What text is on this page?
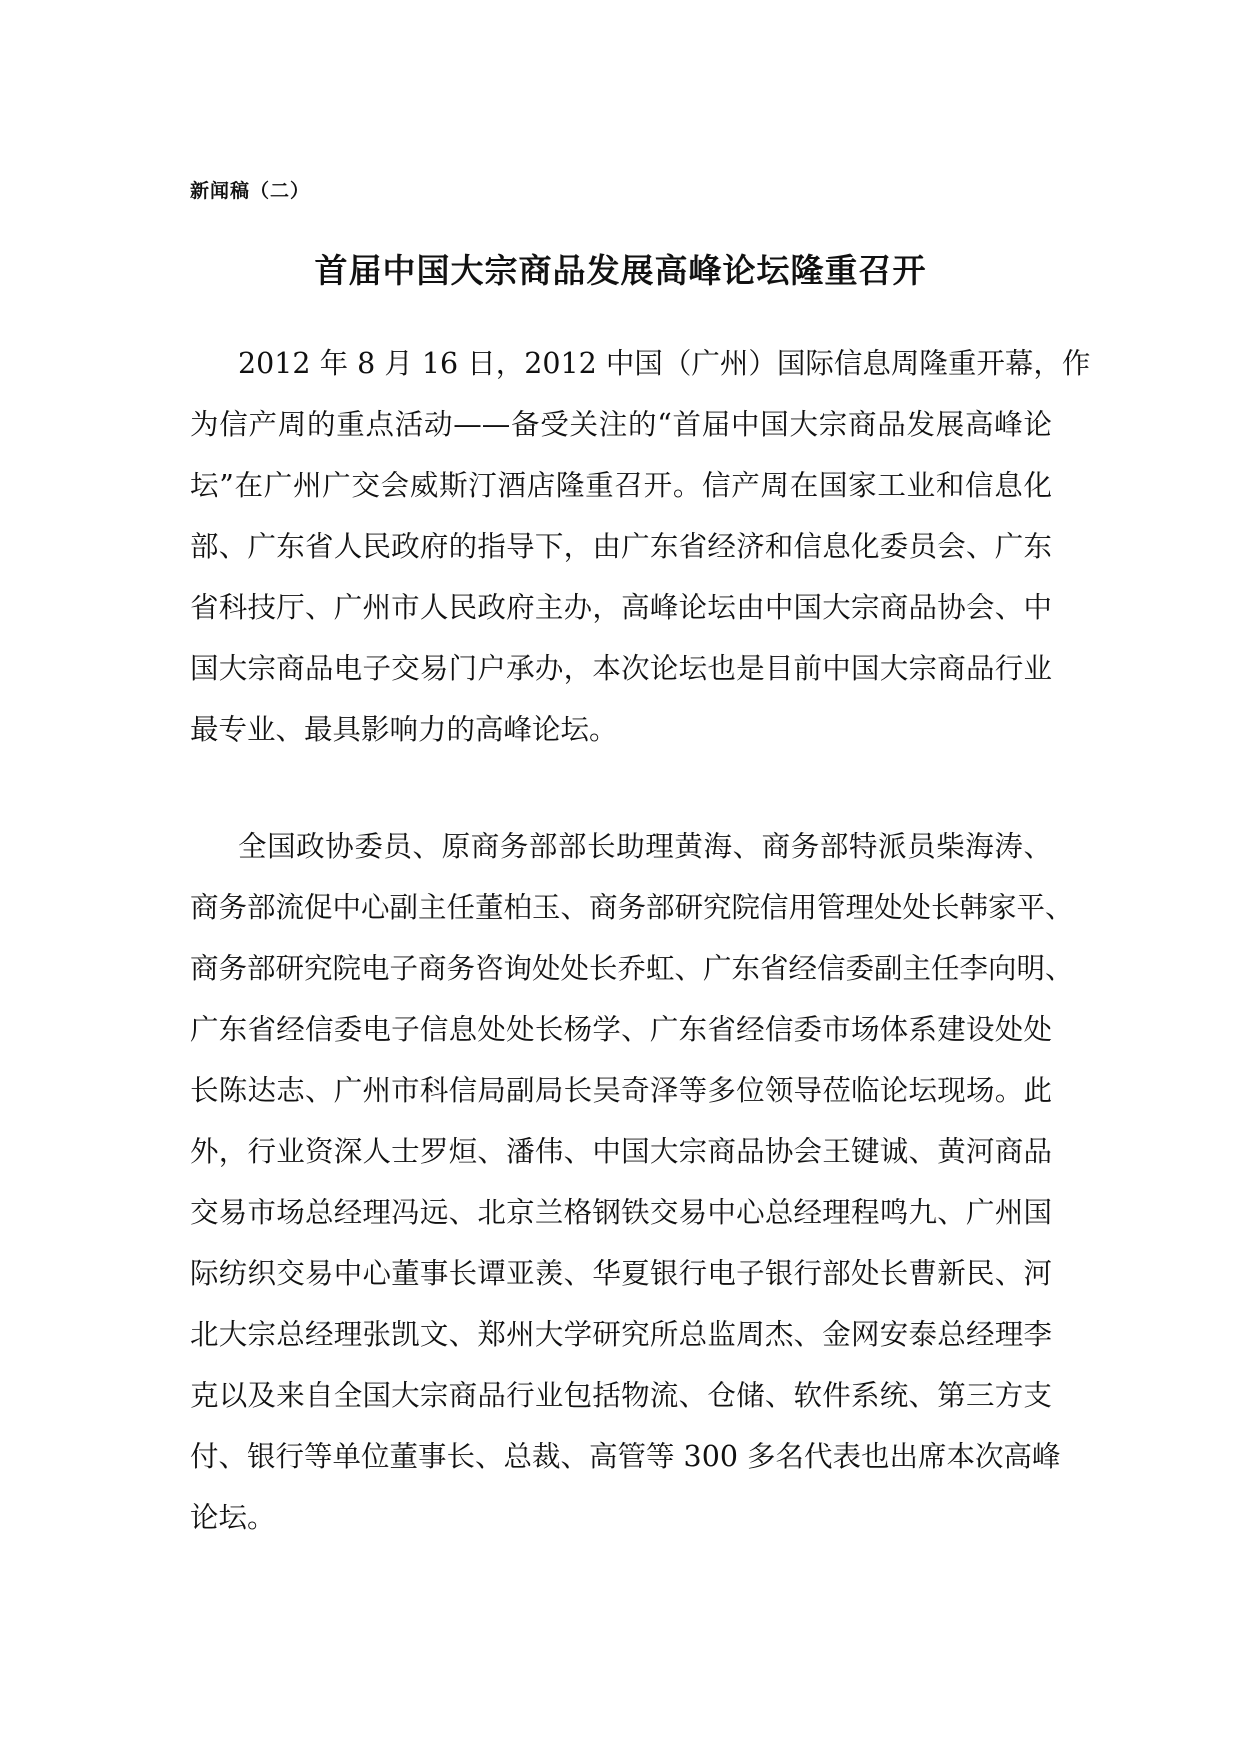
新闻稿（二）

首届中国大宗商品发展高峰论坛隆重召开
2012 年 8 月 16 日，2012 中国（广州）国际信息周隆重开幕，作
为信产周的重点活动——备受关注的“首届中国大宗商品发展高峰论
坛”在广州广交会威斯汀酒店隆重召开。信产周在国家工业和信息化
部、广东省人民政府的指导下，由广东省经济和信息化委员会、广东
省科技厅、广州市人民政府主办，高峰论坛由中国大宗商品协会、中
国大宗商品电子交易门户承办，本次论坛也是目前中国大宗商品行业
最专业、最具影响力的高峰论坛。
全国政协委员、原商务部部长助理黄海、商务部特派员柴海涛、
商务部流促中心副主任董柏玉、商务部研究院信用管理处处长韩家平、
商务部研究院电子商务咨询处处长乔虹、广东省经信委副主任李向明、
广东省经信委电子信息处处长杨学、广东省经信委市场体系建设处处
长陈达志、广州市科信局副局长吴奇泽等多位领导莅临论坛现场。此
外，行业资深人士罗烜、潘伟、中国大宗商品协会王键诚、黄河商品
交易市场总经理冯远、北京兰格钢铁交易中心总经理程鸣九、广州国
际纺织交易中心董事长谭亚羡、华夏银行电子银行部处长曹新民、河
北大宗总经理张凯文、郑州大学研究所总监周杰、金网安泰总经理李
克以及来自全国大宗商品行业包括物流、仓储、软件系统、第三方支
付、银行等单位董事长、总裁、高管等 300 多名代表也出席本次高峰
论坛。
